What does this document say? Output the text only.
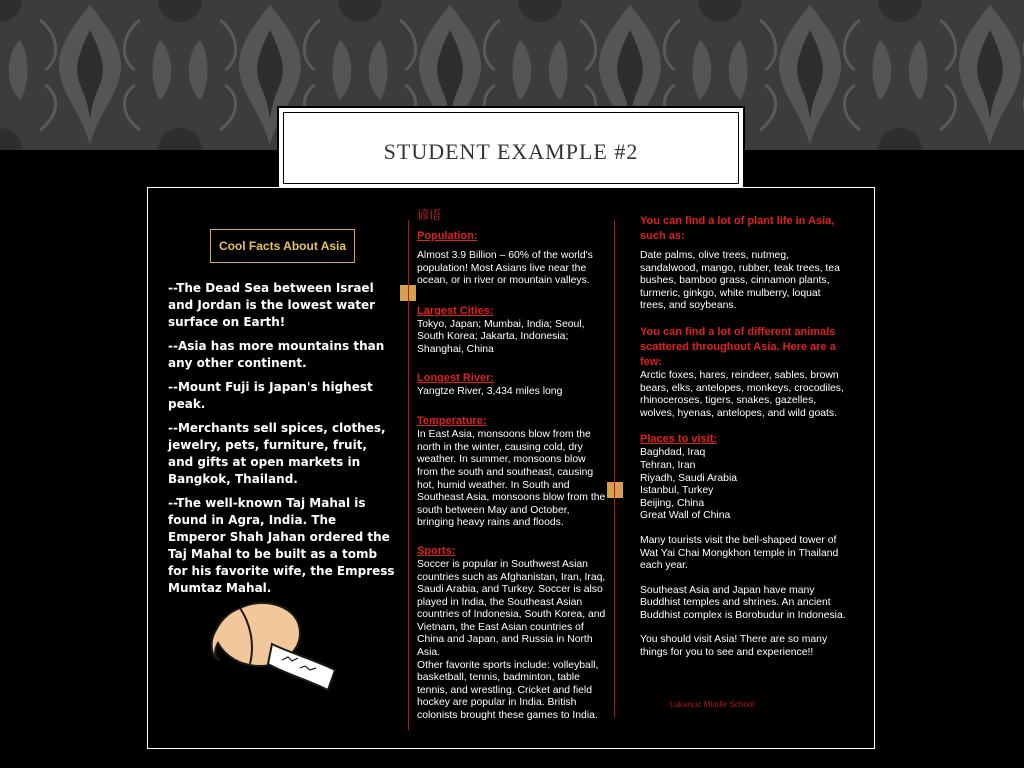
STUDENT EXAMPLE #2
Cool Facts About Asia

--The Dead Sea between Israel and Jordan is the lowest water surface on Earth!

--Asia has more mountains than any other continent.

--Mount Fuji is Japan's highest peak.

--Merchants sell spices, clothes, jewelry, pets, furniture, fruit, and gifts at open markets in Bangkok, Thailand.

--The well-known Taj Mahal is found in Agra, India. The Emperor Shah Jahan ordered the Taj Mahal to be built as a tomb for his favorite wife, the Empress Mumtaz Mahal.

谚语
Population:

Almost 3.9 Billion – 60% of the world's population! Most Asians live near the ocean, or in river or mountain valleys.

Largest Cities:

Tokyo, Japan; Mumbai, India; Seoul, South Korea; Jakarta, Indonesia; Shanghai, China

Longest River:

Yangtze River, 3,434 miles long

Temperature:

In East Asia, monsoons blow from the north in the winter, causing cold, dry weather. In summer, monsoons blow from the south and southeast, causing hot, humid weather. In South and Southeast Asia, monsoons blow from the south between May and October, bringing heavy rains and floods.

Sports:

Soccer is popular in Southwest Asian countries such as Afghanistan, Iran, Iraq, Saudi Arabia, and Turkey. Soccer is also played in India, the Southeast Asian countries of Indonesia, South Korea, and Vietnam, the East Asian countries of China and Japan, and Russia in North Asia.

Other favorite sports include: volleyball, basketball, tennis, badminton, table tennis, and wrestling. Cricket and field hockey are popular in India. British colonists brought these games to India.

You can find a lot of plant life in Asia, such as:

Date palms, olive trees, nutmeg, sandalwood, mango, rubber, teak trees, tea bushes, bamboo grass, cinnamon plants, turmeric, ginkgo, white mulberry, loquat trees, and soybeans.

You can find a lot of different animals scattered throughout Asia. Here are a few:

Arctic foxes, hares, reindeer, sables, brown bears, elks, antelopes, monkeys, crocodiles, rhinoceroses, tigers, snakes, gazelles, wolves, hyenas, antelopes, and wild goats.

Places to visit:

Baghdad, Iraq

Tehran, Iran

Riyadh, Saudi Arabia

Istanbul, Turkey

Beijing, China

Great Wall of China

Many tourists visit the bell-shaped tower of Wat Yai Chai Mongkhon temple in Thailand each year.

Southeast Asia and Japan have many Buddhist temples and shrines. An ancient Buddhist complex is Borobudur in Indonesia.

You should visit Asia! There are so many things for you to see and experience!!

Lukancic Middle School
